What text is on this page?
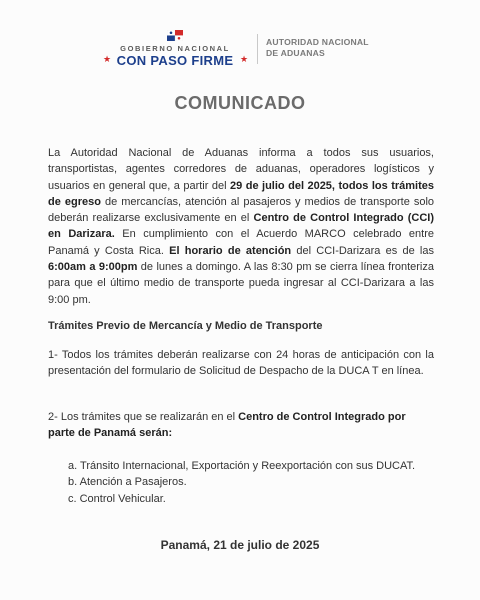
GOBIERNO NACIONAL
★ CON PASO FIRME ★
AUTORIDAD NACIONAL
DE ADUANAS
COMUNICADO
La Autoridad Nacional de Aduanas informa a todos sus usuarios, transportistas, agentes corredores de aduanas, operadores logísticos y usuarios en general que, a partir del 29 de julio del 2025, todos los trámites de egreso de mercancías, atención al pasajeros y medios de transporte solo deberán realizarse exclusivamente en el Centro de Control Integrado (CCI) en Darizara. En cumplimiento con el Acuerdo MARCO celebrado entre Panamá y Costa Rica. El horario de atención del CCI-Darizara es de las 6:00am a 9:00pm de lunes a domingo. A las 8:30 pm se cierra línea fronteriza para que el último medio de transporte pueda ingresar al CCI-Darizara a las 9:00 pm.
Trámites Previo de Mercancía y Medio de Transporte
1- Todos los trámites deberán realizarse con 24 horas de anticipación con la presentación del formulario de Solicitud de Despacho de la DUCA T en línea.
2- Los trámites que se realizarán en el Centro de Control Integrado por parte de Panamá serán:
a. Tránsito Internacional, Exportación y Reexportación con sus DUCAT.
b. Atención a Pasajeros.
c. Control Vehicular.
Panamá, 21 de julio de 2025
